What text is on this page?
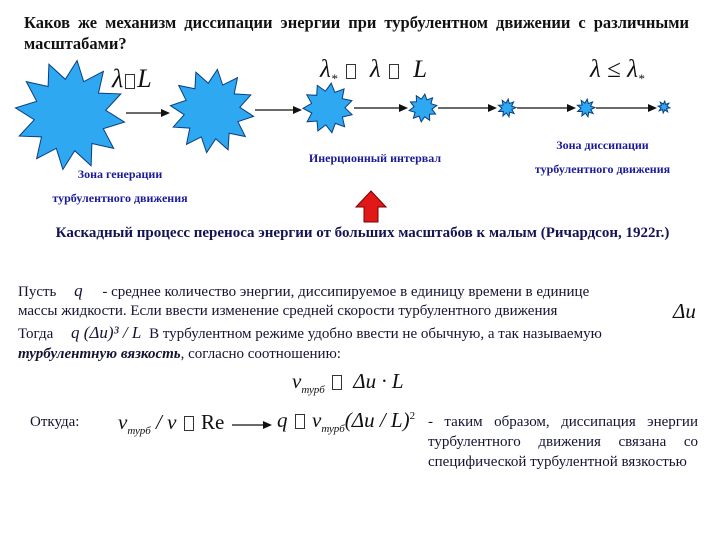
Каков же механизм диссипации энергии при турбулентном движении с различными масштабами?
λ L	$\lambda_*$ λ L	$\lambda \le \lambda_*$
Зона генерации
турбулентного движения
Инерционный интервал
Зона диссипации
турбулентного движения
Каскадный процесс переноса энергии от больших масштабов к малым (Ричардсон, 1922г.)
Пусть q - среднее количество энергии, диссипируемое в единицу времени в единице
массы жидкости. Если ввести изменение средней скорости турбулентного движения	Δu
Тогда q (Δu)³ / L В турбулентном режиме удобно ввести не обычную, а так называемую
турбулентную вязкость, согласно соотношению:
$\nu_{турб}$ Δu · L
Откуда: $\nu_{турб}$ / ν Re	q $\nu_{турб}(\Delta u / L)^2$ - таким образом, диссипация энергии турбулентного движения связана со специфической турбулентной вязкостью
